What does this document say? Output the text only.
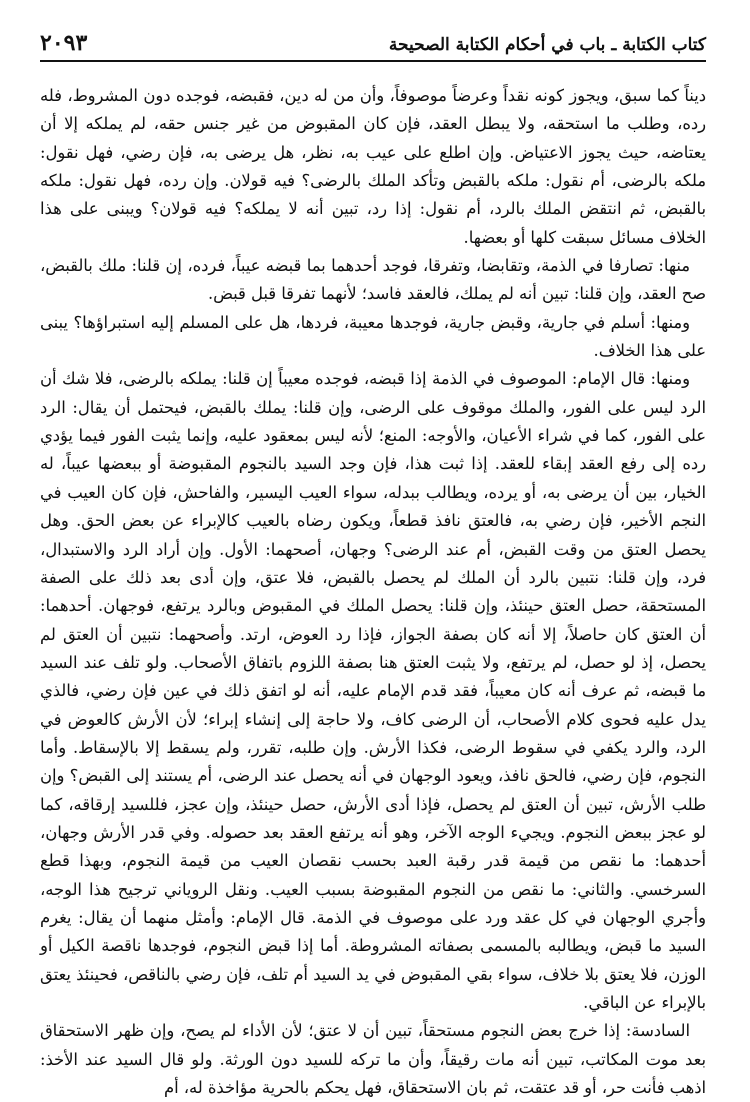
كتاب الكتابة ـ باب في أحكام الكتابة الصحيحة
٢٠٩٣

ديناً كما سبق، ويجوز كونه نقداً وعرضاً موصوفاً، وأن من له دين، فقبضه، فوجده دون المشروط، فله رده، وطلب ما استحقه، ولا يبطل العقد، فإن كان المقبوض من غير جنس حقه، لم يملكه إلا أن يعتاضه، حيث يجوز الاعتياض. وإن اطلع على عيب به، نظر، هل يرضى به، فإن رضي، فهل نقول: ملكه بالرضى، أم نقول: ملكه بالقبض وتأكد الملك بالرضى؟ فيه قولان. وإن رده، فهل نقول: ملكه بالقبض، ثم انتقض الملك بالرد، أم نقول: إذا رد، تبين أنه لا يملكه؟ فيه قولان؟ ويبنى على هذا الخلاف مسائل سبقت كلها أو بعضها.

منها: تصارفا في الذمة، وتقابضا، وتفرقا، فوجد أحدهما بما قبضه عيباً، فرده، إن قلنا: ملك بالقبض، صح العقد، وإن قلنا: تبين أنه لم يملك، فالعقد فاسد؛ لأنهما تفرقا قبل قبض.

ومنها: أسلم في جارية، وقبض جارية، فوجدها معيبة، فردها، هل على المسلم إليه استبراؤها؟ يبنى على هذا الخلاف.

ومنها: قال الإمام: الموصوف في الذمة إذا قبضه، فوجده معيباً إن قلنا: يملكه بالرضى، فلا شك أن الرد ليس على الفور، والملك موقوف على الرضى، وإن قلنا: يملك بالقبض، فيحتمل أن يقال: الرد على الفور، كما في شراء الأعيان، والأوجه: المنع؛ لأنه ليس بمعقود عليه، وإنما يثبت الفور فيما يؤدي رده إلى رفع العقد إبقاء للعقد. إذا ثبت هذا، فإن وجد السيد بالنجوم المقبوضة أو ببعضها عيباً، له الخيار، بين أن يرضى به، أو يرده، ويطالب ببدله، سواء العيب اليسير، والفاحش، فإن كان العيب في النجم الأخير، فإن رضي به، فالعتق نافذ قطعاً، ويكون رضاه بالعيب كالإبراء عن بعض الحق. وهل يحصل العتق من وقت القبض، أم عند الرضى؟ وجهان، أصحهما: الأول. وإن أراد الرد والاستبدال، فرد، وإن قلنا: نتبين بالرد أن الملك لم يحصل بالقبض، فلا عتق، وإن أدى بعد ذلك على الصفة المستحقة، حصل العتق حينئذ، وإن قلنا: يحصل الملك في المقبوض وبالرد يرتفع، فوجهان. أحدهما: أن العتق كان حاصلاً، إلا أنه كان بصفة الجواز، فإذا رد العوض، ارتد. وأصحهما: نتبين أن العتق لم يحصل، إذ لو حصل، لم يرتفع، ولا يثبت العتق هنا بصفة اللزوم باتفاق الأصحاب. ولو تلف عند السيد ما قبضه، ثم عرف أنه كان معيباً، فقد قدم الإمام عليه، أنه لو اتفق ذلك في عين فإن رضي، فالذي يدل عليه فحوى كلام الأصحاب، أن الرضى كاف، ولا حاجة إلى إنشاء إبراء؛ لأن الأرش كالعوض في الرد، والرد يكفي في سقوط الرضى، فكذا الأرش. وإن طلبه، تقرر، ولم يسقط إلا بالإسقاط. وأما النجوم، فإن رضي، فالحق نافذ، ويعود الوجهان في أنه يحصل عند الرضى، أم يستند إلى القبض؟ وإن طلب الأرش، تبين أن العتق لم يحصل، فإذا أدى الأرش، حصل حينئذ، وإن عجز، فللسيد إرقاقه، كما لو عجز ببعض النجوم. ويجيء الوجه الآخر، وهو أنه يرتفع العقد بعد حصوله. وفي قدر الأرش وجهان، أحدهما: ما نقص من قيمة قدر رقبة العبد بحسب نقصان العيب من قيمة النجوم، وبهذا قطع السرخسي. والثاني: ما نقص من النجوم المقبوضة بسبب العيب. ونقل الروياني ترجيح هذا الوجه، وأجري الوجهان في كل عقد ورد على موصوف في الذمة. قال الإمام: وأمثل منهما أن يقال: يغرم السيد ما قبض، ويطالبه بالمسمى بصفاته المشروطة. أما إذا قبض النجوم، فوجدها ناقصة الكيل أو الوزن، فلا يعتق بلا خلاف، سواء بقي المقبوض في يد السيد أم تلف، فإن رضي بالناقص، فحينئذ يعتق بالإبراء عن الباقي.

السادسة: إذا خرج بعض النجوم مستحقاً، تبين أن لا عتق؛ لأن الأداء لم يصح، وإن ظهر الاستحقاق بعد موت المكاتب، تبين أنه مات رقيقاً، وأن ما تركه للسيد دون الورثة. ولو قال السيد عند الأخذ: اذهب فأنت حر، أو قد عتقت، ثم بان الاستحقاق، فهل يحكم بالحرية مؤاخذة له، أم
